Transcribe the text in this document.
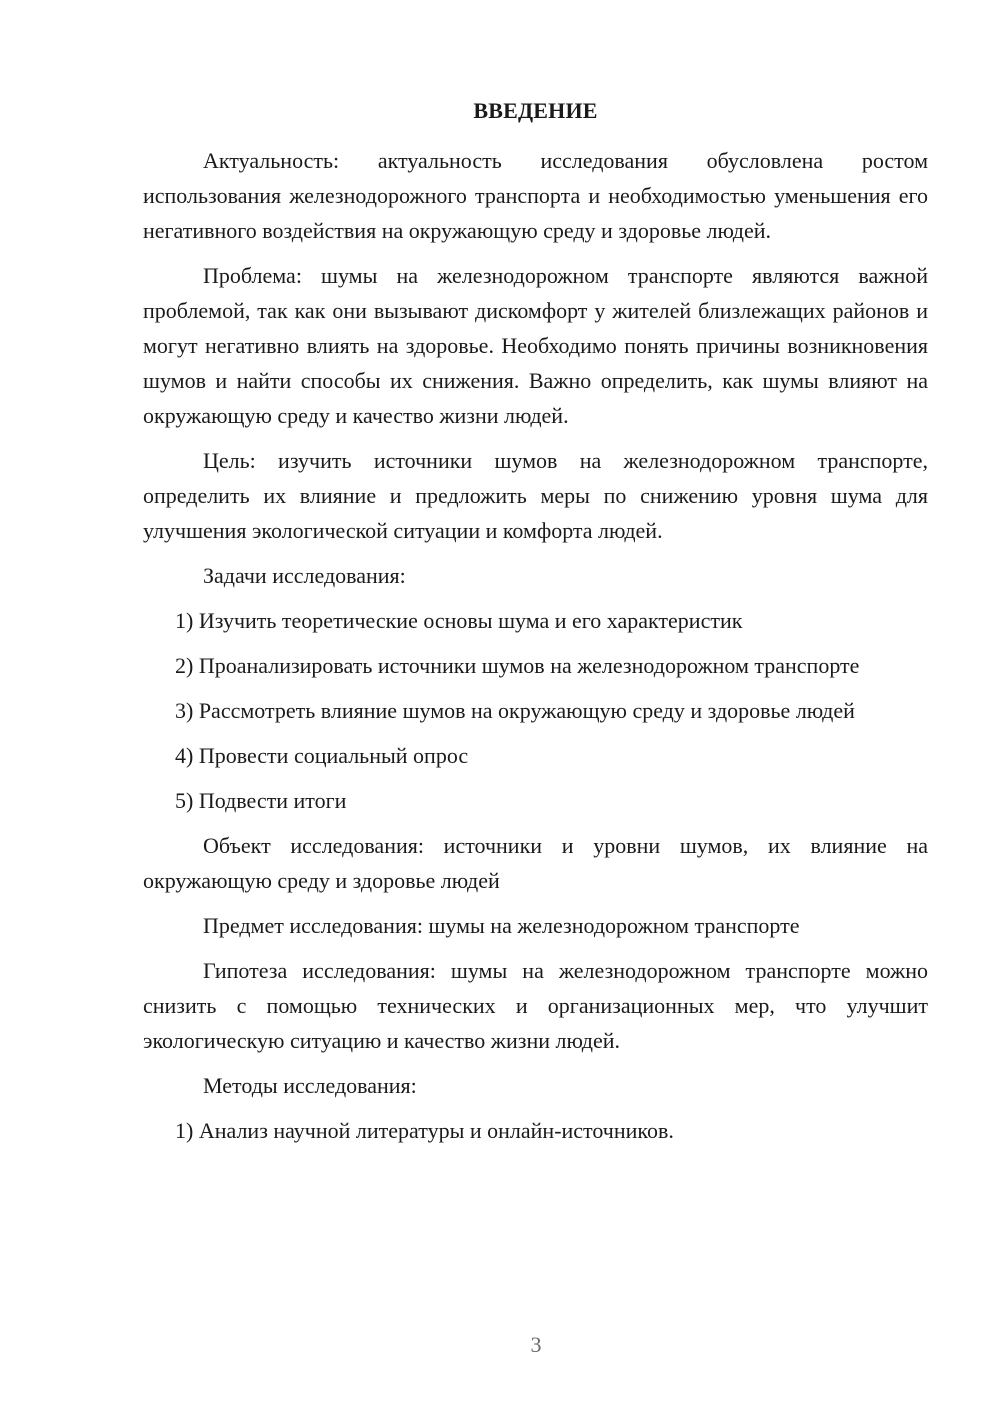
ВВЕДЕНИЕ

Актуальность: актуальность исследования обусловлена ростом использования железнодорожного транспорта и необходимостью уменьшения его негативного воздействия на окружающую среду и здоровье людей.

Проблема: шумы на железнодорожном транспорте являются важной проблемой, так как они вызывают дискомфорт у жителей близлежащих районов и могут негативно влиять на здоровье. Необходимо понять причины возникновения шумов и найти способы их снижения. Важно определить, как шумы влияют на окружающую среду и качество жизни людей.

Цель: изучить источники шумов на железнодорожном транспорте, определить их влияние и предложить меры по снижению уровня шума для улучшения экологической ситуации и комфорта людей.

Задачи исследования:

1) Изучить теоретические основы шума и его характеристик

2) Проанализировать источники шумов на железнодорожном транспорте

3) Рассмотреть влияние шумов на окружающую среду и здоровье людей

4) Провести социальный опрос

5) Подвести итоги

Объект исследования: источники и уровни шумов, их влияние на окружающую среду и здоровье людей

Предмет исследования: шумы на железнодорожном транспорте

Гипотеза исследования: шумы на железнодорожном транспорте можно снизить с помощью технических и организационных мер, что улучшит экологическую ситуацию и качество жизни людей.

Методы исследования:

1) Анализ научной литературы и онлайн-источников.

3
